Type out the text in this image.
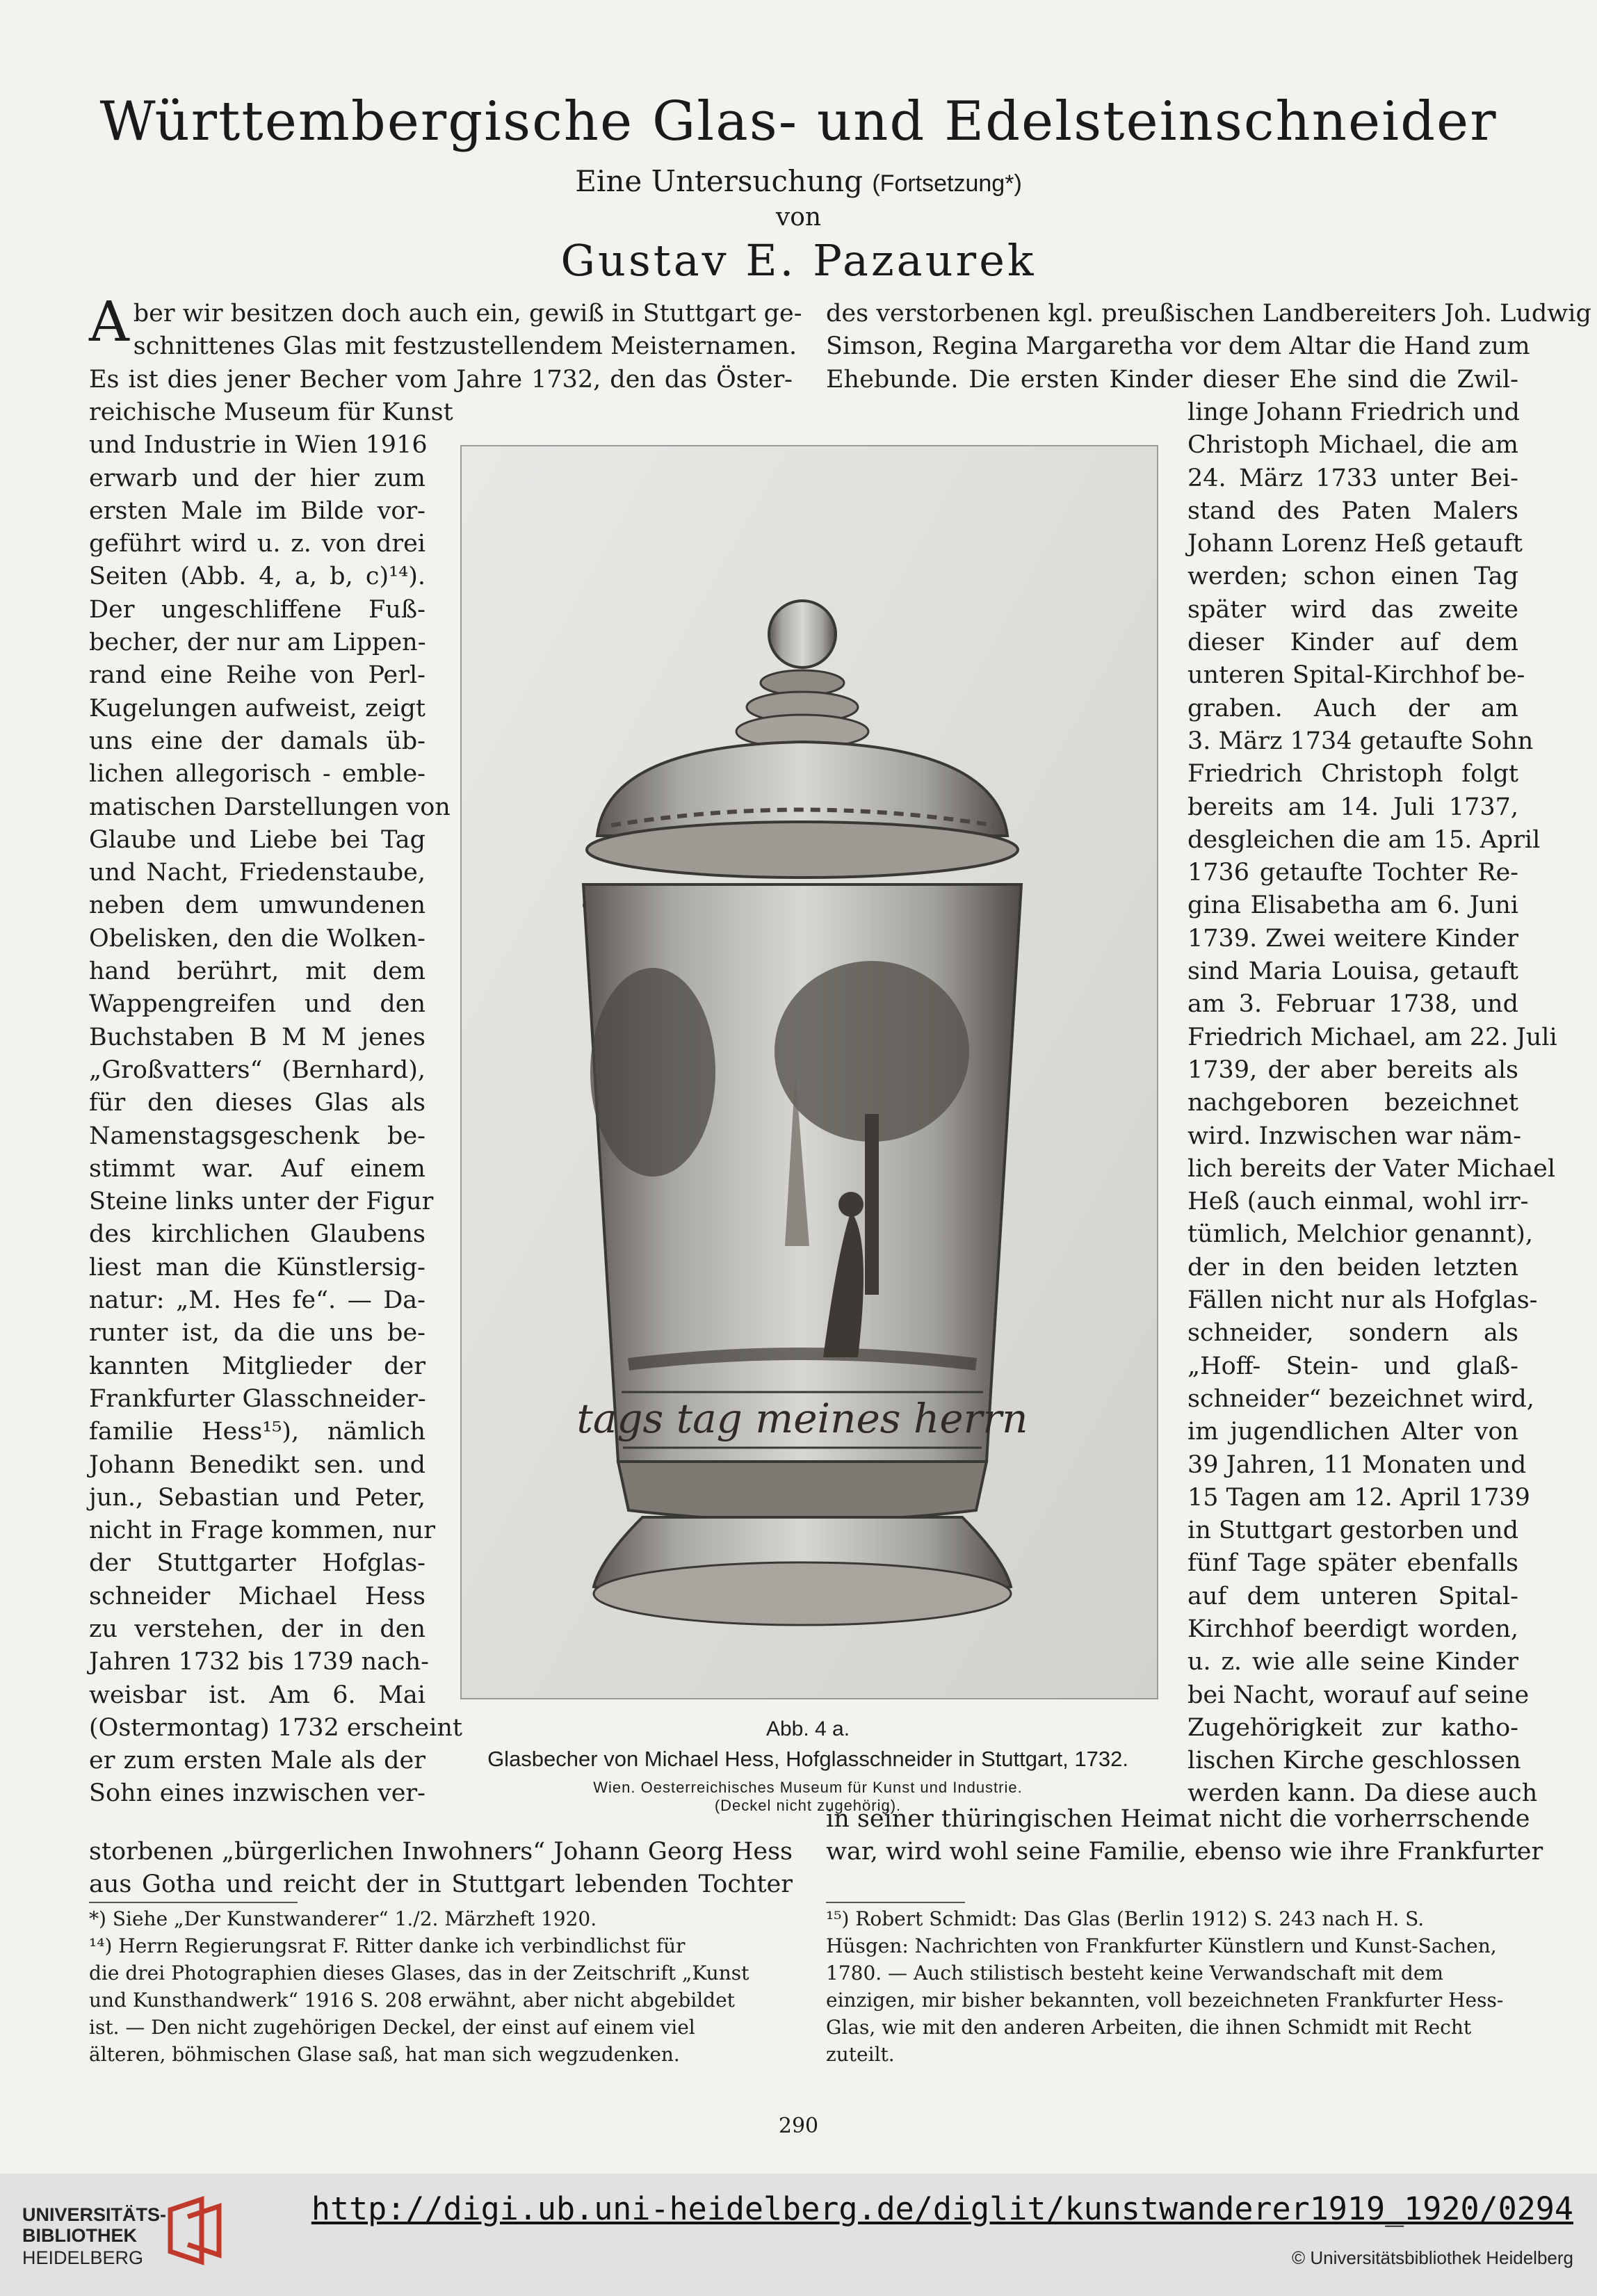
Württembergische Glas- und Edelsteinschneider
Eine Untersuchung (Fortsetzung*)
von
Gustav E. Pazaurek
A ber wir besitzen doch auch ein, gewiß in Stuttgart ge-
schnittenes Glas mit festzustellendem Meisternamen.
Es ist dies jener Becher vom Jahre 1732, den das Öster-
reichische Museum für Kunst
und Industrie in Wien 1916
erwarb und der hier zum
ersten Male im Bilde vor-
geführt wird u. z. von drei
Seiten (Abb. 4, a, b, c)¹⁴).
Der ungeschliffene Fuß-
becher, der nur am Lippen-
rand eine Reihe von Perl-
Kugelungen aufweist, zeigt
uns eine der damals üb-
lichen allegorisch - emble-
matischen Darstellungen von
Glaube und Liebe bei Tag
und Nacht, Friedenstaube,
neben dem umwundenen
Obelisken, den die Wolken-
hand berührt, mit dem
Wappengreifen und den
Buchstaben B M M jenes
„Großvatters“ (Bernhard),
für den dieses Glas als
Namenstagsgeschenk be-
stimmt war. Auf einem
Steine links unter der Figur
des kirchlichen Glaubens
liest man die Künstlersig-
natur: „M. Hes fe“. — Da-
runter ist, da die uns be-
kannten Mitglieder der
Frankfurter Glasschneider-
familie Hess¹⁵), nämlich
Johann Benedikt sen. und
jun., Sebastian und Peter,
nicht in Frage kommen, nur
der Stuttgarter Hofglas-
schneider Michael Hess
zu verstehen, der in den
Jahren 1732 bis 1739 nach-
weisbar ist. Am 6. Mai
(Ostermontag) 1732 erscheint
er zum ersten Male als der
Sohn eines inzwischen ver-
storbenen „bürgerlichen Inwohners“ Johann Georg Hess
aus Gotha und reicht der in Stuttgart lebenden Tochter
des verstorbenen kgl. preußischen Landbereiters Joh. Ludwig
Simson, Regina Margaretha vor dem Altar die Hand zum
Ehebunde. Die ersten Kinder dieser Ehe sind die Zwil-
linge Johann Friedrich und
Christoph Michael, die am
24. März 1733 unter Bei-
stand des Paten Malers
Johann Lorenz Heß getauft
werden; schon einen Tag
später wird das zweite
dieser Kinder auf dem
unteren Spital-Kirchhof be-
graben. Auch der am
3. März 1734 getaufte Sohn
Friedrich Christoph folgt
bereits am 14. Juli 1737,
desgleichen die am 15. April
1736 getaufte Tochter Re-
gina Elisabetha am 6. Juni
1739. Zwei weitere Kinder
sind Maria Louisa, getauft
am 3. Februar 1738, und
Friedrich Michael, am 22. Juli
1739, der aber bereits als
nachgeboren bezeichnet
wird. Inzwischen war näm-
lich bereits der Vater Michael
Heß (auch einmal, wohl irr-
tümlich, Melchior genannt),
der in den beiden letzten
Fällen nicht nur als Hofglas-
schneider, sondern als
„Hoff- Stein- und glaß-
schneider“ bezeichnet wird,
im jugendlichen Alter von
39 Jahren, 11 Monaten und
15 Tagen am 12. April 1739
in Stuttgart gestorben und
fünf Tage später ebenfalls
auf dem unteren Spital-
Kirchhof beerdigt worden,
u. z. wie alle seine Kinder
bei Nacht, worauf auf seine
Zugehörigkeit zur katho-
lischen Kirche geschlossen
werden kann. Da diese auch
in seiner thüringischen Heimat nicht die vorherrschende
war, wird wohl seine Familie, ebenso wie ihre Frankfurter
tags tag meines herrn
Abb. 4 a.
Glasbecher von Michael Hess, Hofglasschneider in Stuttgart, 1732.
Wien. Oesterreichisches Museum für Kunst und Industrie.
(Deckel nicht zugehörig).
*) Siehe „Der Kunstwanderer“ 1./2. Märzheft 1920.
¹⁴) Herrn Regierungsrat F. Ritter danke ich verbindlichst für
die drei Photographien dieses Glases, das in der Zeitschrift „Kunst
und Kunsthandwerk“ 1916 S. 208 erwähnt, aber nicht abgebildet
ist. — Den nicht zugehörigen Deckel, der einst auf einem viel
älteren, böhmischen Glase saß, hat man sich wegzudenken.
¹⁵) Robert Schmidt: Das Glas (Berlin 1912) S. 243 nach H. S.
Hüsgen: Nachrichten von Frankfurter Künstlern und Kunst-Sachen,
1780. — Auch stilistisch besteht keine Verwandschaft mit dem
einzigen, mir bisher bekannten, voll bezeichneten Frankfurter Hess-
Glas, wie mit den anderen Arbeiten, die ihnen Schmidt mit Recht
zuteilt.
290
UNIVERSITÄTS-
BIBLIOTHEK
HEIDELBERG
http://digi.ub.uni-heidelberg.de/diglit/kunstwanderer1919_1920/0294
© Universitätsbibliothek Heidelberg
